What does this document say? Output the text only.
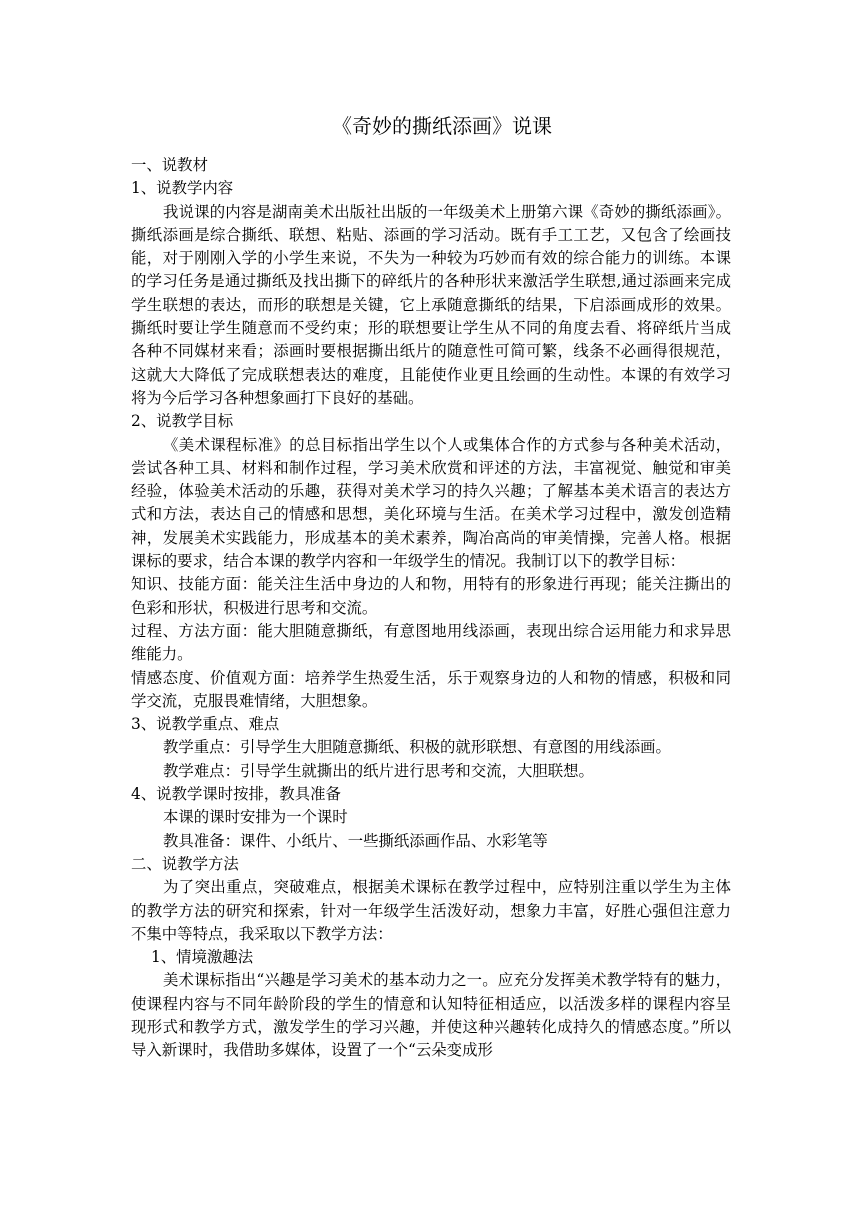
《奇妙的撕纸添画》说课

一、说教材

1、说教学内容

我说课的内容是湖南美术出版社出版的一年级美术上册第六课《奇妙的撕纸添画》。撕纸添画是综合撕纸、联想、粘贴、添画的学习活动。既有手工工艺，又包含了绘画技能，对于刚刚入学的小学生来说，不失为一种较为巧妙而有效的综合能力的训练。本课的学习任务是通过撕纸及找出撕下的碎纸片的各种形状来激活学生联想,通过添画来完成学生联想的表达，而形的联想是关键，它上承随意撕纸的结果，下启添画成形的效果。撕纸时要让学生随意而不受约束；形的联想要让学生从不同的角度去看、将碎纸片当成各种不同媒材来看；添画时要根据撕出纸片的随意性可简可繁，线条不必画得很规范，这就大大降低了完成联想表达的难度，且能使作业更且绘画的生动性。本课的有效学习将为今后学习各种想象画打下良好的基础。

2、说教学目标

《美术课程标准》的总目标指出学生以个人或集体合作的方式参与各种美术活动，尝试各种工具、材料和制作过程，学习美术欣赏和评述的方法，丰富视觉、触觉和审美经验，体验美术活动的乐趣，获得对美术学习的持久兴趣；了解基本美术语言的表达方式和方法，表达自己的情感和思想，美化环境与生活。在美术学习过程中，激发创造精神，发展美术实践能力，形成基本的美术素养，陶冶高尚的审美情操，完善人格。根据课标的要求，结合本课的教学内容和一年级学生的情况。我制订以下的教学目标：

知识、技能方面：能关注生活中身边的人和物，用特有的形象进行再现；能关注撕出的色彩和形状，积极进行思考和交流。

过程、方法方面：能大胆随意撕纸，有意图地用线添画，表现出综合运用能力和求异思维能力。

情感态度、价值观方面：培养学生热爱生活，乐于观察身边的人和物的情感，积极和同学交流，克服畏难情绪，大胆想象。

3、说教学重点、难点

教学重点：引导学生大胆随意撕纸、积极的就形联想、有意图的用线添画。

教学难点：引导学生就撕出的纸片进行思考和交流，大胆联想。

4、说教学课时按排，教具准备

本课的课时安排为一个课时

教具准备：课件、小纸片、一些撕纸添画作品、水彩笔等

二、说教学方法

为了突出重点，突破难点，根据美术课标在教学过程中，应特别注重以学生为主体的教学方法的研究和探索，针对一年级学生活泼好动，想象力丰富，好胜心强但注意力不集中等特点，我采取以下教学方法：

1、情境激趣法

美术课标指出“兴趣是学习美术的基本动力之一。应充分发挥美术教学特有的魅力，使课程内容与不同年龄阶段的学生的情意和认知特征相适应，以活泼多样的课程内容呈现形式和教学方式，激发学生的学习兴趣，并使这种兴趣转化成持久的情感态度。”所以导入新课时，我借助多媒体，设置了一个“云朵变成形
